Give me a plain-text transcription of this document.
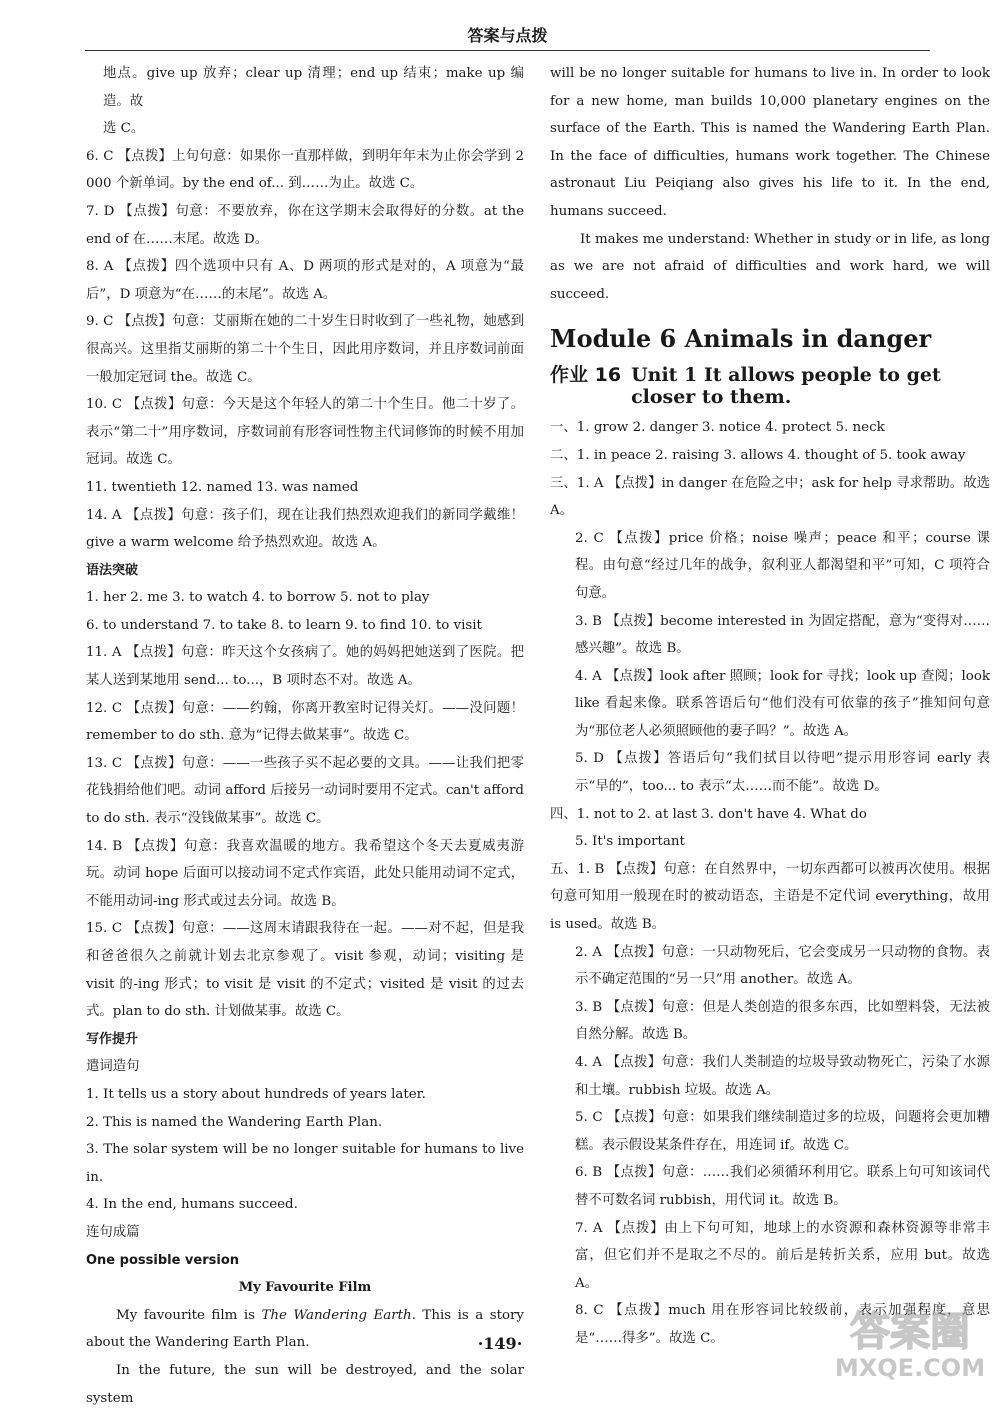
答案与点拨

地点。give up 放弃；clear up 清理；end up 结束；make up 编造。故

选 C。

6. C 【点拨】上句句意：如果你一直那样做，到明年年末为止你会学到 2 000 个新单词。by the end of... 到……为止。故选 C。

7. D 【点拨】句意：不要放弃，你在这学期末会取得好的分数。at the end of 在……末尾。故选 D。

8. A 【点拨】四个选项中只有 A、D 两项的形式是对的，A 项意为“最后”，D 项意为“在……的末尾”。故选 A。

9. C 【点拨】句意：艾丽斯在她的二十岁生日时收到了一些礼物，她感到很高兴。这里指艾丽斯的第二十个生日，因此用序数词，并且序数词前面一般加定冠词 the。故选 C。

10. C 【点拨】句意：今天是这个年轻人的第二十个生日。他二十岁了。表示“第二十”用序数词，序数词前有形容词性物主代词修饰的时候不用加冠词。故选 C。

11. twentieth 12. named 13. was named

14. A 【点拨】句意：孩子们，现在让我们热烈欢迎我们的新同学戴维！give a warm welcome 给予热烈欢迎。故选 A。

语法突破

1. her 2. me 3. to watch 4. to borrow 5. not to play

6. to understand 7. to take 8. to learn 9. to find 10. to visit

11. A 【点拨】句意：昨天这个女孩病了。她的妈妈把她送到了医院。把某人送到某地用 send... to...，B 项时态不对。故选 A。

12. C 【点拨】句意：——约翰，你离开教室时记得关灯。——没问题！remember to do sth. 意为“记得去做某事”。故选 C。

13. C 【点拨】句意：——一些孩子买不起必要的文具。——让我们把零花钱捐给他们吧。动词 afford 后接另一动词时要用不定式。can't afford to do sth. 表示“没钱做某事”。故选 C。

14. B 【点拨】句意：我喜欢温暖的地方。我希望这个冬天去夏威夷游玩。动词 hope 后面可以接动词不定式作宾语，此处只能用动词不定式，不能用动词-ing 形式或过去分词。故选 B。

15. C 【点拨】句意：——这周末请跟我待在一起。——对不起，但是我和爸爸很久之前就计划去北京参观了。visit 参观，动词；visiting 是 visit 的-ing 形式；to visit 是 visit 的不定式；visited 是 visit 的过去式。plan to do sth. 计划做某事。故选 C。

写作提升

遣词造句

1. It tells us a story about hundreds of years later.

2. This is named the Wandering Earth Plan.

3. The solar system will be no longer suitable for humans to live in.

4. In the end, humans succeed.

连句成篇

One possible version

My Favourite Film

My favourite film is The Wandering Earth. This is a story about the Wandering Earth Plan.

In the future, the sun will be destroyed, and the solar system

will be no longer suitable for humans to live in. In order to look for a new home, man builds 10,000 planetary engines on the surface of the Earth. This is named the Wandering Earth Plan. In the face of difficulties, humans work together. The Chinese astronaut Liu Peiqiang also gives his life to it. In the end, humans succeed.

It makes me understand: Whether in study or in life, as long as we are not afraid of difficulties and work hard, we will succeed.

Module 6 Animals in danger
作业 16 Unit 1 It allows people to get closer to them.

一、1. grow 2. danger 3. notice 4. protect 5. neck

二、1. in peace 2. raising 3. allows 4. thought of 5. took away

三、1. A 【点拨】in danger 在危险之中；ask for help 寻求帮助。故选 A。

2. C 【点拨】price 价格；noise 噪声；peace 和平；course 课程。由句意“经过几年的战争，叙利亚人都渴望和平”可知，C 项符合句意。

3. B 【点拨】become interested in 为固定搭配，意为“变得对……感兴趣”。故选 B。

4. A 【点拨】look after 照顾；look for 寻找；look up 查阅；look like 看起来像。联系答语后句“他们没有可依靠的孩子”推知问句意为“那位老人必须照顾他的妻子吗？”。故选 A。

5. D 【点拨】答语后句“我们拭目以待吧”提示用形容词 early 表示“早的”，too... to 表示“太……而不能”。故选 D。

四、1. not to 2. at last 3. don't have 4. What do

5. It's important

五、1. B 【点拨】句意：在自然界中，一切东西都可以被再次使用。根据句意可知用一般现在时的被动语态，主语是不定代词 everything，故用 is used。故选 B。

2. A 【点拨】句意：一只动物死后，它会变成另一只动物的食物。表示不确定范围的“另一只”用 another。故选 A。

3. B 【点拨】句意：但是人类创造的很多东西，比如塑料袋，无法被自然分解。故选 B。

4. A 【点拨】句意：我们人类制造的垃圾导致动物死亡，污染了水源和土壤。rubbish 垃圾。故选 A。

5. C 【点拨】句意：如果我们继续制造过多的垃圾，问题将会更加糟糕。表示假设某条件存在，用连词 if。故选 C。

6. B 【点拨】句意：……我们必须循环利用它。联系上句可知该词代替不可数名词 rubbish，用代词 it。故选 B。

7. A 【点拨】由上下句可知，地球上的水资源和森林资源等非常丰富，但它们并不是取之不尽的。前后是转折关系，应用 but。故选 A。

8. C 【点拨】much 用在形容词比较级前，表示加强程度，意思是“……得多”。故选 C。

·149·	答案圈
MXQE.COM
